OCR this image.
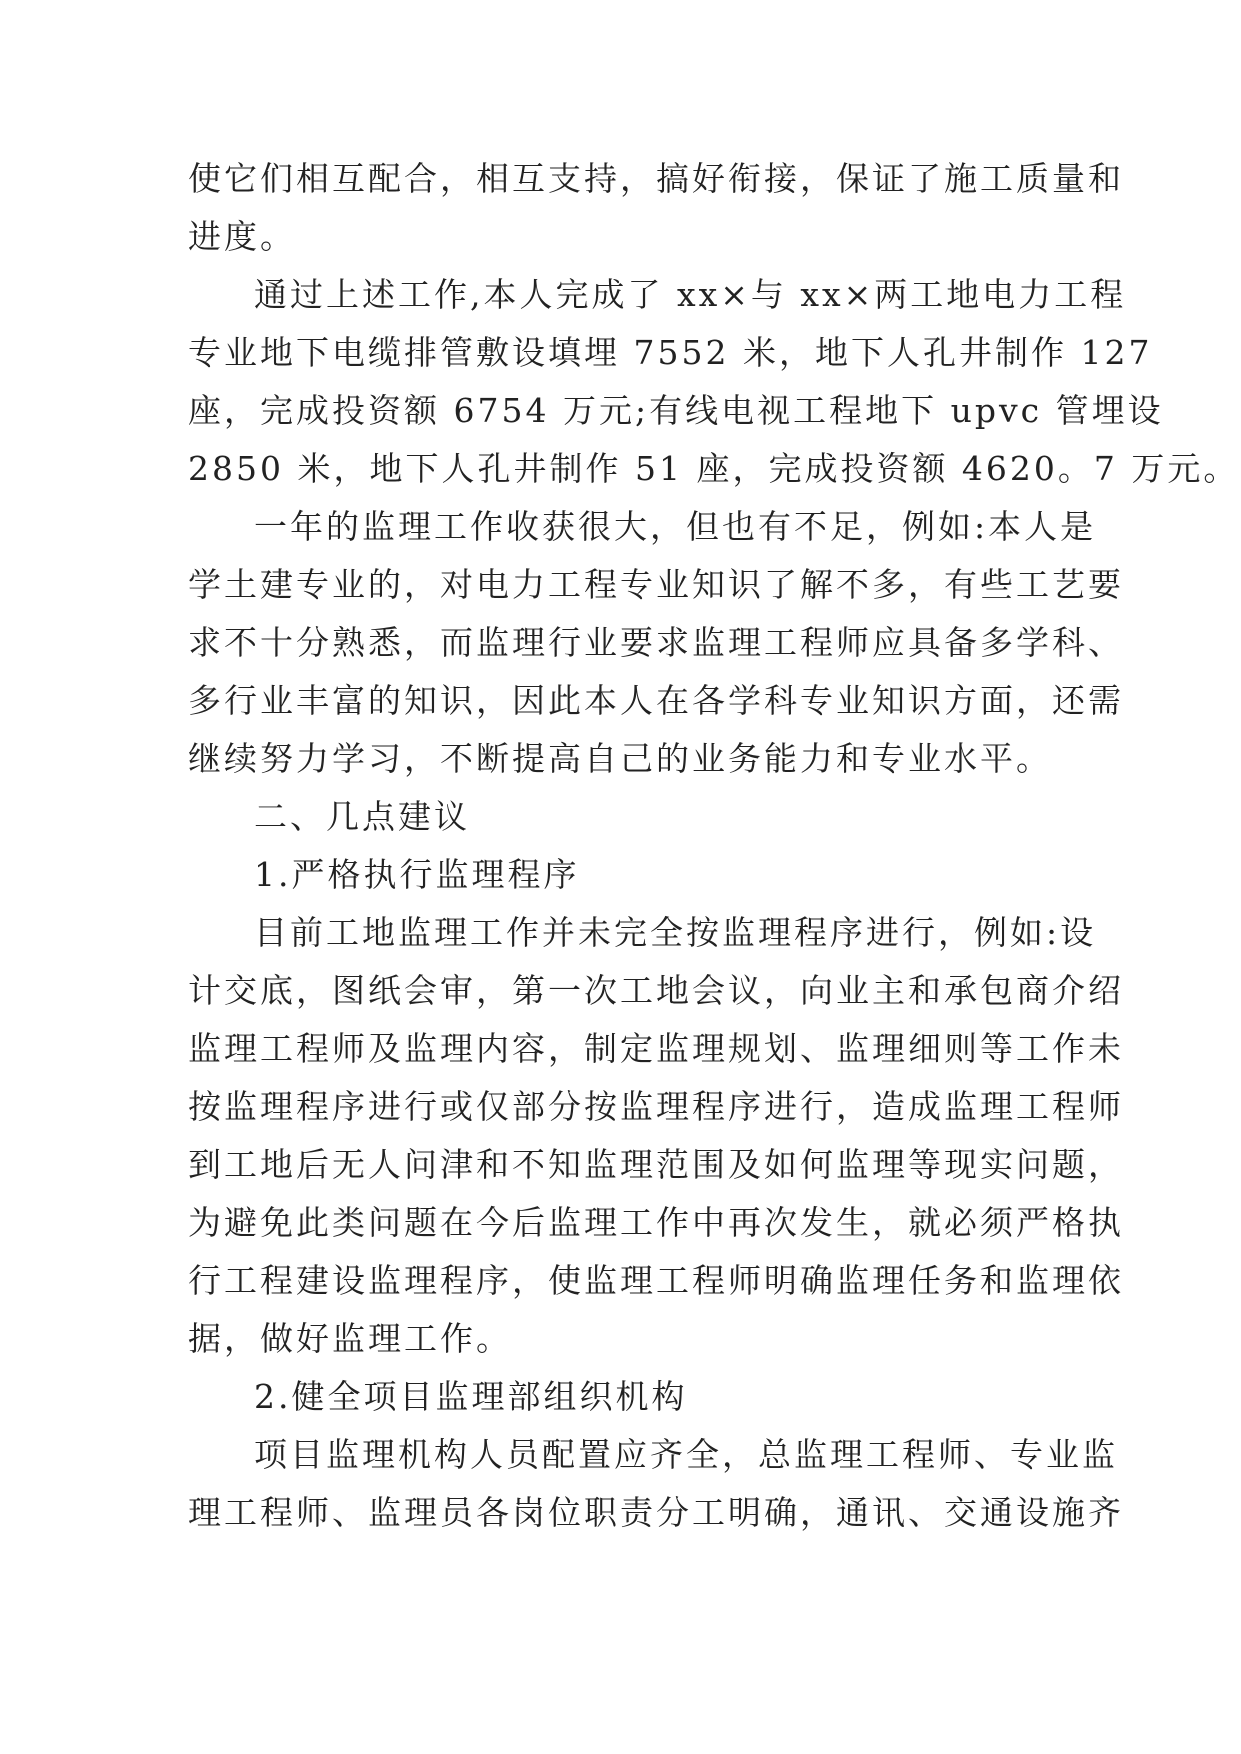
使它们相互配合，相互支持，搞好衔接，保证了施工质量和
进度。
通过上述工作,本人完成了 xx×与 xx×两工地电力工程
专业地下电缆排管敷设填埋 7552 米，地下人孔井制作 127
座，完成投资额 6754 万元;有线电视工程地下 upvc 管埋设
2850 米，地下人孔井制作 51 座，完成投资额 4620。7 万元。
一年的监理工作收获很大，但也有不足，例如:本人是
学土建专业的，对电力工程专业知识了解不多，有些工艺要
求不十分熟悉，而监理行业要求监理工程师应具备多学科、
多行业丰富的知识，因此本人在各学科专业知识方面，还需
继续努力学习，不断提高自己的业务能力和专业水平。
二、几点建议
1.严格执行监理程序
目前工地监理工作并未完全按监理程序进行，例如:设
计交底，图纸会审，第一次工地会议，向业主和承包商介绍
监理工程师及监理内容，制定监理规划、监理细则等工作未
按监理程序进行或仅部分按监理程序进行，造成监理工程师
到工地后无人问津和不知监理范围及如何监理等现实问题，
为避免此类问题在今后监理工作中再次发生，就必须严格执
行工程建设监理程序，使监理工程师明确监理任务和监理依
据，做好监理工作。
2.健全项目监理部组织机构
项目监理机构人员配置应齐全，总监理工程师、专业监
理工程师、监理员各岗位职责分工明确，通讯、交通设施齐
